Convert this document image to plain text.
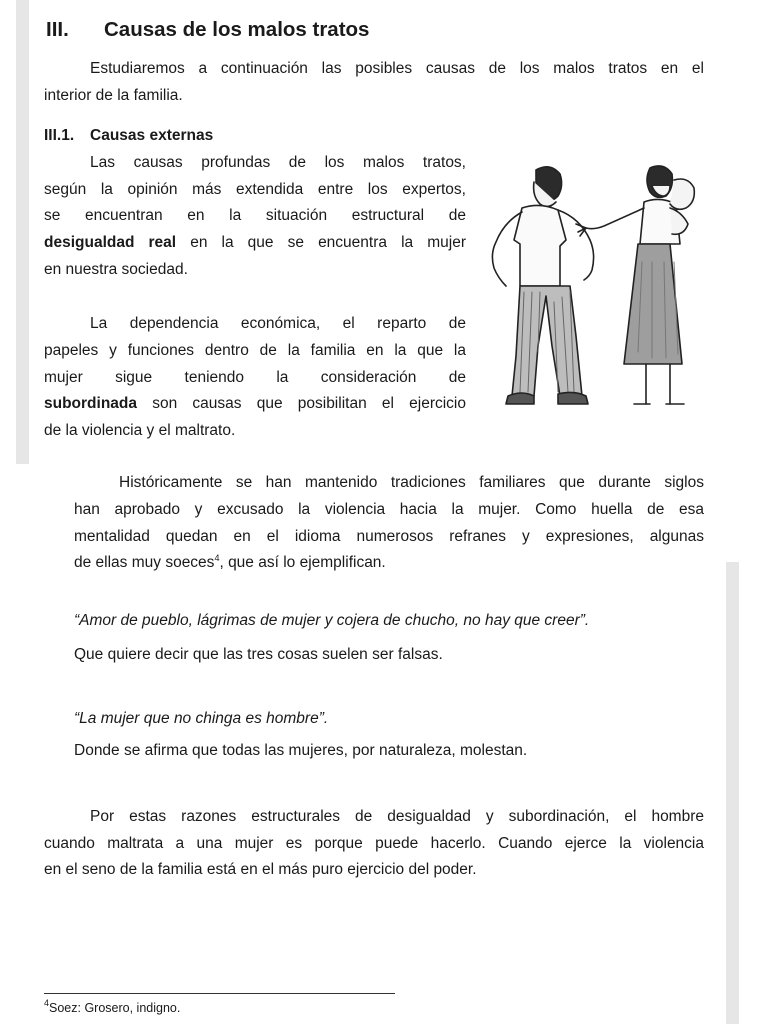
III. Causas de los malos tratos
Estudiaremos a continuación las posibles causas de los malos tratos en el
interior de la familia.
III.1. Causas externas
Las causas profundas de los malos tratos,
según la opinión más extendida entre los expertos,
se encuentran en la situación estructural de
desigualdad real en la que se encuentra la mujer
en nuestra sociedad.
La dependencia económica, el reparto de
papeles y funciones dentro de la familia en la que la
mujer sigue teniendo la consideración de
subordinada son causas que posibilitan el ejercicio
de la violencia y el maltrato.
Históricamente se han mantenido tradiciones familiares que durante siglos
han aprobado y excusado la violencia hacia la mujer. Como huella de esa
mentalidad quedan en el idioma numerosos refranes y expresiones, algunas
de ellas muy soeces$^4$, que así lo ejemplifican.
“Amor de pueblo, lágrimas de mujer y cojera de chucho, no hay que creer”.
Que quiere decir que las tres cosas suelen ser falsas.
“La mujer que no chinga es hombre”.
Donde se afirma que todas las mujeres, por naturaleza, molestan.
Por estas razones estructurales de desigualdad y subordinación, el hombre
cuando maltrata a una mujer es porque puede hacerlo. Cuando ejerce la violencia
en el seno de la familia está en el más puro ejercicio del poder.
$^4$Soez: Grosero, indigno.
